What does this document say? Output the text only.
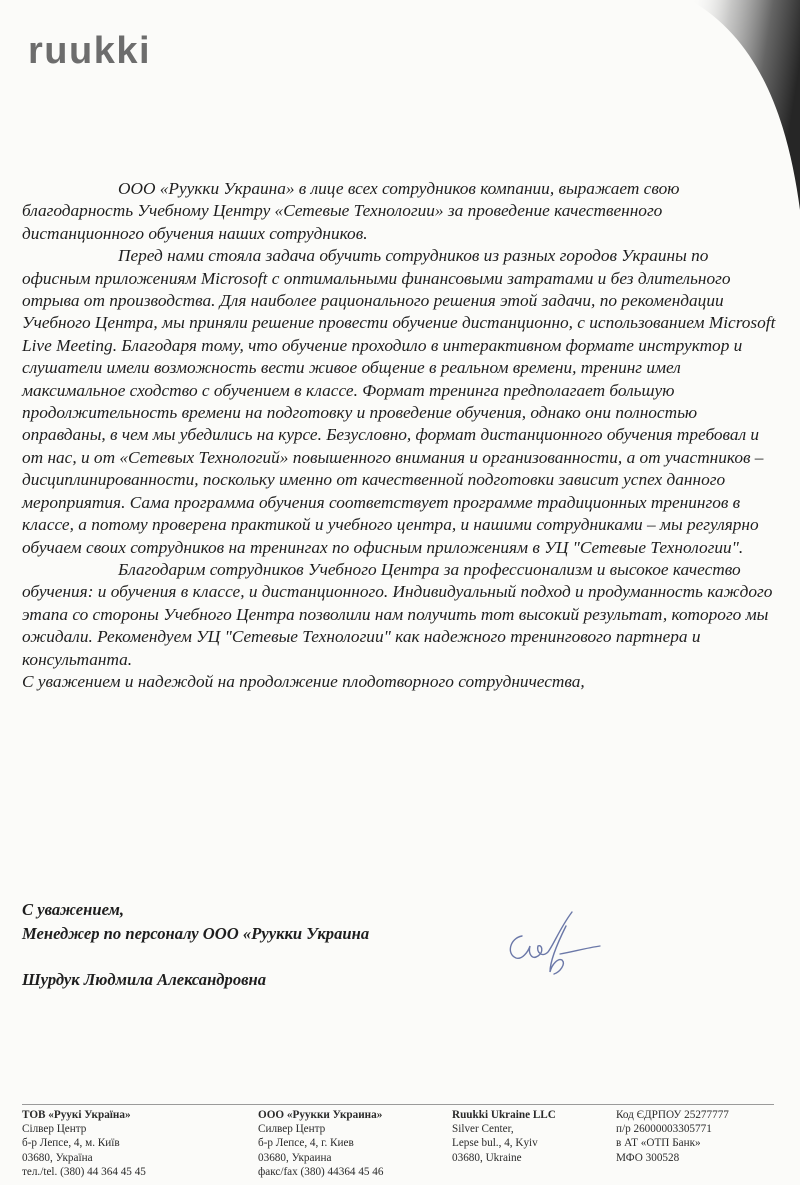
ruukki

ООО «Руукки Украина» в лице всех сотрудников компании, выражает свою благодарность Учебному Центру «Сетевые Технологии» за проведение качественного дистанционного обучения наших сотрудников.

Перед нами стояла задача обучить сотрудников из разных городов Украины по офисным приложениям Microsoft с оптимальными финансовыми затратами и без длительного отрыва от производства. Для наиболее рационального решения этой задачи, по рекомендации Учебного Центра, мы приняли решение провести обучение дистанционно, с использованием Microsoft Live Meeting. Благодаря тому, что обучение проходило в интерактивном формате инструктор и слушатели имели возможность вести живое общение в реальном времени, тренинг имел максимальное сходство с обучением в классе. Формат тренинга предполагает большую продолжительность времени на подготовку и проведение обучения, однако они полностью оправданы, в чем мы убедились на курсе. Безусловно, формат дистанционного обучения требовал и от нас, и от «Сетевых Технологий» повышенного внимания и организованности, а от участников – дисциплинированности, поскольку именно от качественной подготовки зависит успех данного мероприятия. Сама программа обучения соответствует программе традиционных тренингов в классе, а потому проверена практикой и учебного центра, и нашими сотрудниками – мы регулярно обучаем своих сотрудников на тренингах по офисным приложениям в УЦ "Сетевые Технологии".

Благодарим сотрудников Учебного Центра за профессионализм и высокое качество обучения: и обучения в классе, и дистанционного. Индивидуальный подход и продуманность каждого этапа со стороны Учебного Центра позволили нам получить тот высокий результат, которого мы ожидали. Рекомендуем УЦ "Сетевые Технологии" как надежного тренингового партнера и консультанта.

С уважением и надеждой на продолжение плодотворного сотрудничества,

С уважением,
Менеджер по персоналу ООО «Руукки Украина
Шурдук Людмила Александровна
ТОВ «Руукі Україна»
Сілвер Центр
б-р Лепсе, 4, м. Київ
03680, Україна
тел./tel. (380) 44 364 45 45
ООО «Руукки Украина»
Силвер Центр
б-р Лепсе, 4, г. Киев
03680, Украина
факс/fax (380) 44364 45 46
Ruukki Ukraine LLC
Silver Center,
Lepse bul., 4, Kyiv
03680, Ukraine
Код ЄДРПОУ 25277777
п/р 26000003305771
в АТ «ОТП Банк»
МФО 300528
